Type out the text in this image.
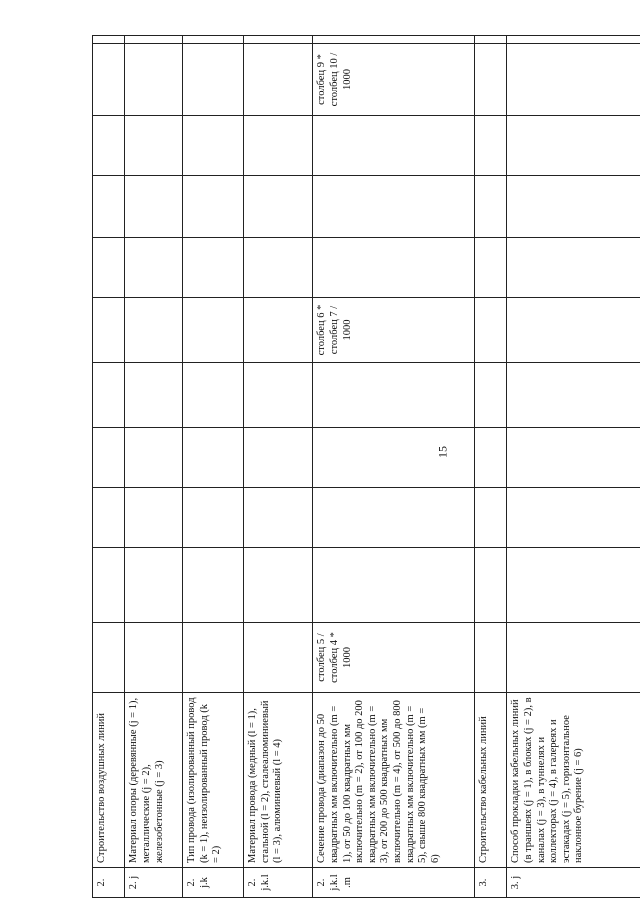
15
2.	Строительство воздушных линий												
2. j	Материал опоры (деревянные (j = 1), металлические (j = 2), железобетонные (j = 3)												
2. j.k	Тип провода (изолированный провод (k = 1), неизолированный провод (k = 2)												
2. j.k.l	Материал провода (медный (l = 1), стальной (l = 2), сталеалюминиевый (l = 3), алюминиевый (l = 4)												
2. j.k.l .m	Сечение провода (диапазон до 50 квадратных мм включительно (m = 1), от 50 до 100 квадратных мм включительно (m = 2), от 100 до 200 квадратных мм включительно (m = 3), от 200 до 500 квадратных мм включительно (m = 4), от 500 до 800 квадратных мм включительно (m = 5), свыше 800 квадратных мм (m = 6)	столбец 5 / столбец 4 * 1000					столбец 6 * столбец 7 / 1000				столбец 9 * столбец 10 / 1000		
3.	Строительство кабельных линий												
3. j	Способ прокладки кабельных линий (в траншеях (j = 1), в блоках (j = 2), в каналах (j = 3), в туннелях и коллекторах (j = 4), в галереях и эстакадах (j = 5), горизонтальное наклонное бурение (j = 6)												
